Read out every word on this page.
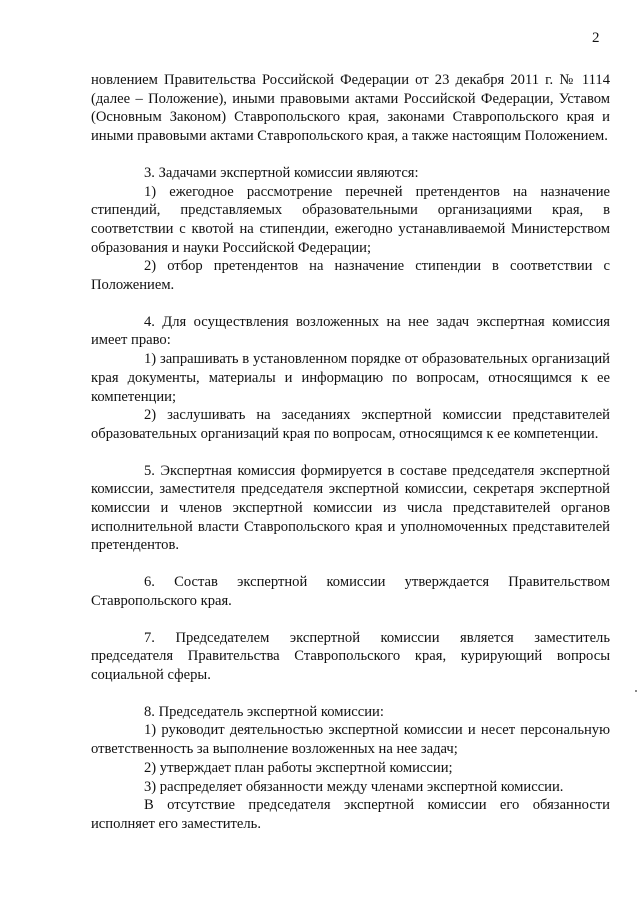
2

новлением Правительства Российской Федерации от 23 декабря 2011 г. № 1114 (далее – Положение), иными правовыми актами Российской Федерации, Уставом (Основным Законом) Ставропольского края, законами Ставропольского края и иными правовыми актами Ставропольского края, а также настоящим Положением.

3. Задачами экспертной комиссии являются:

1) ежегодное рассмотрение перечней претендентов на назначение стипендий, представляемых образовательными организациями края, в соответствии с квотой на стипендии, ежегодно устанавливаемой Министерством образования и науки Российской Федерации;

2) отбор претендентов на назначение стипендии в соответствии с Положением.

4. Для осуществления возложенных на нее задач экспертная комиссия имеет право:

1) запрашивать в установленном порядке от образовательных организаций края документы, материалы и информацию по вопросам, относящимся к ее компетенции;

2) заслушивать на заседаниях экспертной комиссии представителей образовательных организаций края по вопросам, относящимся к ее компетенции.

5. Экспертная комиссия формируется в составе председателя экспертной комиссии, заместителя председателя экспертной комиссии, секретаря экспертной комиссии и членов экспертной комиссии из числа представителей органов исполнительной власти Ставропольского края и уполномоченных представителей претендентов.

6. Состав экспертной комиссии утверждается Правительством Ставропольского края.

7. Председателем экспертной комиссии является заместитель председателя Правительства Ставропольского края, курирующий вопросы социальной сферы.

8. Председатель экспертной комиссии:

1) руководит деятельностью экспертной комиссии и несет персональную ответственность за выполнение возложенных на нее задач;

2) утверждает план работы экспертной комиссии;

3) распределяет обязанности между членами экспертной комиссии.

В отсутствие председателя экспертной комиссии его обязанности исполняет его заместитель.
